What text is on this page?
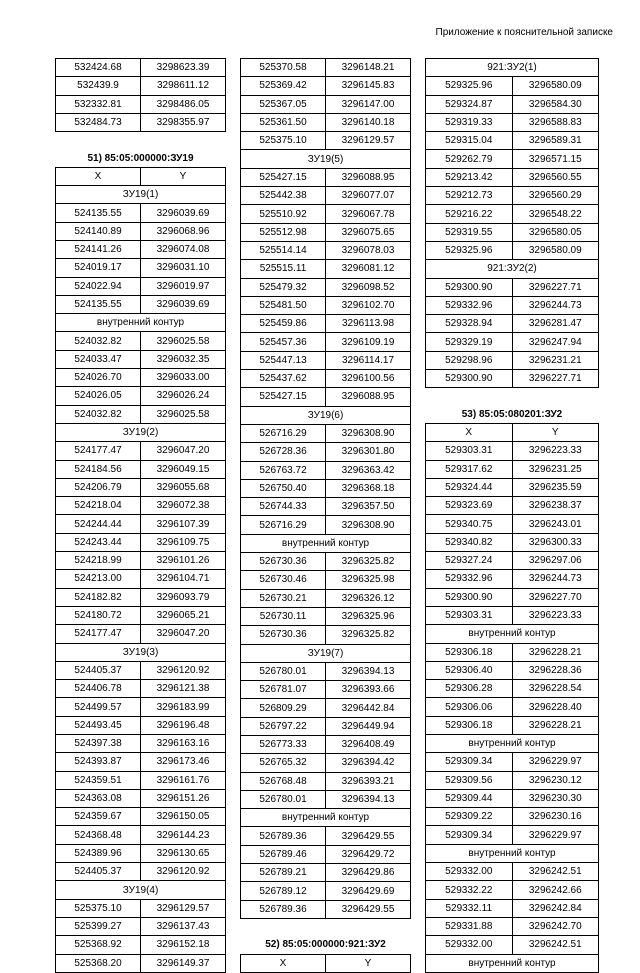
Приложение к пояснительной записке
532424.68	3298623.39
532439.9	3298611.12
532332.81	3298486.05
532484.73	3298355.97
51) 85:05:000000:ЗУ19
X	Y
ЗУ19(1)	
524135.55	3296039.69
524140.89	3296068.96
524141.26	3296074.08
524019.17	3296031.10
524022.94	3296019.97
524135.55	3296039.69
внутренний контур	
524032.82	3296025.58
524033.47	3296032.35
524026.70	3296033.00
524026.05	3296026.24
524032.82	3296025.58
ЗУ19(2)	
524177.47	3296047.20
524184.56	3296049.15
524206.79	3296055.68
524218.04	3296072.38
524244.44	3296107.39
524243.44	3296109.75
524218.99	3296101.26
524213.00	3296104.71
524182.82	3296093.79
524180.72	3296065.21
524177.47	3296047.20
ЗУ19(3)	
524405.37	3296120.92
524406.78	3296121.38
524499.57	3296183.99
524493.45	3296196.48
524397.38	3296163.16
524393.87	3296173.46
524359.51	3296161.76
524363.08	3296151.26
524359.67	3296150.05
524368.48	3296144.23
524389.96	3296130.65
524405.37	3296120.92
ЗУ19(4)	
525375.10	3296129.57
525399.27	3296137.43
525368.92	3296152.18
525368.20	3296149.37
525370.58	3296148.21
525369.42	3296145.83
525367.05	3296147.00
525361.50	3296140.18
525375.10	3296129.57
ЗУ19(5)	
525427.15	3296088.95
525442.38	3296077.07
525510.92	3296067.78
525512.98	3296075.65
525514.14	3296078.03
525515.11	3296081.12
525479.32	3296098.52
525481.50	3296102.70
525459.86	3296113.98
525457.36	3296109.19
525447.13	3296114.17
525437.62	3296100.56
525427.15	3296088.95
ЗУ19(6)	
526716.29	3296308.90
526728.36	3296301.80
526763.72	3296363.42
526750.40	3296368.18
526744.33	3296357.50
526716.29	3296308.90
внутренний контур	
526730.36	3296325.82
526730.46	3296325.98
526730.21	3296326.12
526730.11	3296325.96
526730.36	3296325.82
ЗУ19(7)	
526780.01	3296394.13
526781.07	3296393.66
526809.29	3296442.84
526797.22	3296449.94
526773.33	3296408.49
526765.32	3296394.42
526768.48	3296393.21
526780.01	3296394.13
внутренний контур	
526789.36	3296429.55
526789.46	3296429.72
526789.21	3296429.86
526789.12	3296429.69
526789.36	3296429.55
52) 85:05:000000:921:ЗУ2
X	Y
921:ЗУ2(1)	
529325.96	3296580.09
529324.87	3296584.30
529319.33	3296588.83
529315.04	3296589.31
529262.79	3296571.15
529213.42	3296560.55
529212.73	3296560.29
529216.22	3296548.22
529319.55	3296580.05
529325.96	3296580.09
921:ЗУ2(2)	
529300.90	3296227.71
529332.96	3296244.73
529328.94	3296281.47
529329.19	3296247.94
529298.96	3296231.21
529300.90	3296227.71
53) 85:05:080201:ЗУ2
X	Y
529303.31	3296223.33
529317.62	3296231.25
529324.44	3296235.59
529323.69	3296238.37
529340.75	3296243.01
529340.82	3296300.33
529327.24	3296297.06
529332.96	3296244.73
529300.90	3296227.70
529303.31	3296223.33
внутренний контур	
529306.18	3296228.21
529306.40	3296228.36
529306.28	3296228.54
529306.06	3296228.40
529306.18	3296228.21
внутренний контур	
529309.34	3296229.97
529309.56	3296230.12
529309.44	3296230.30
529309.22	3296230.16
529309.34	3296229.97
внутренний контур	
529332.00	3296242.51
529332.22	3296242.66
529332.11	3296242.84
529331.88	3296242.70
529332.00	3296242.51
внутренний контур	
